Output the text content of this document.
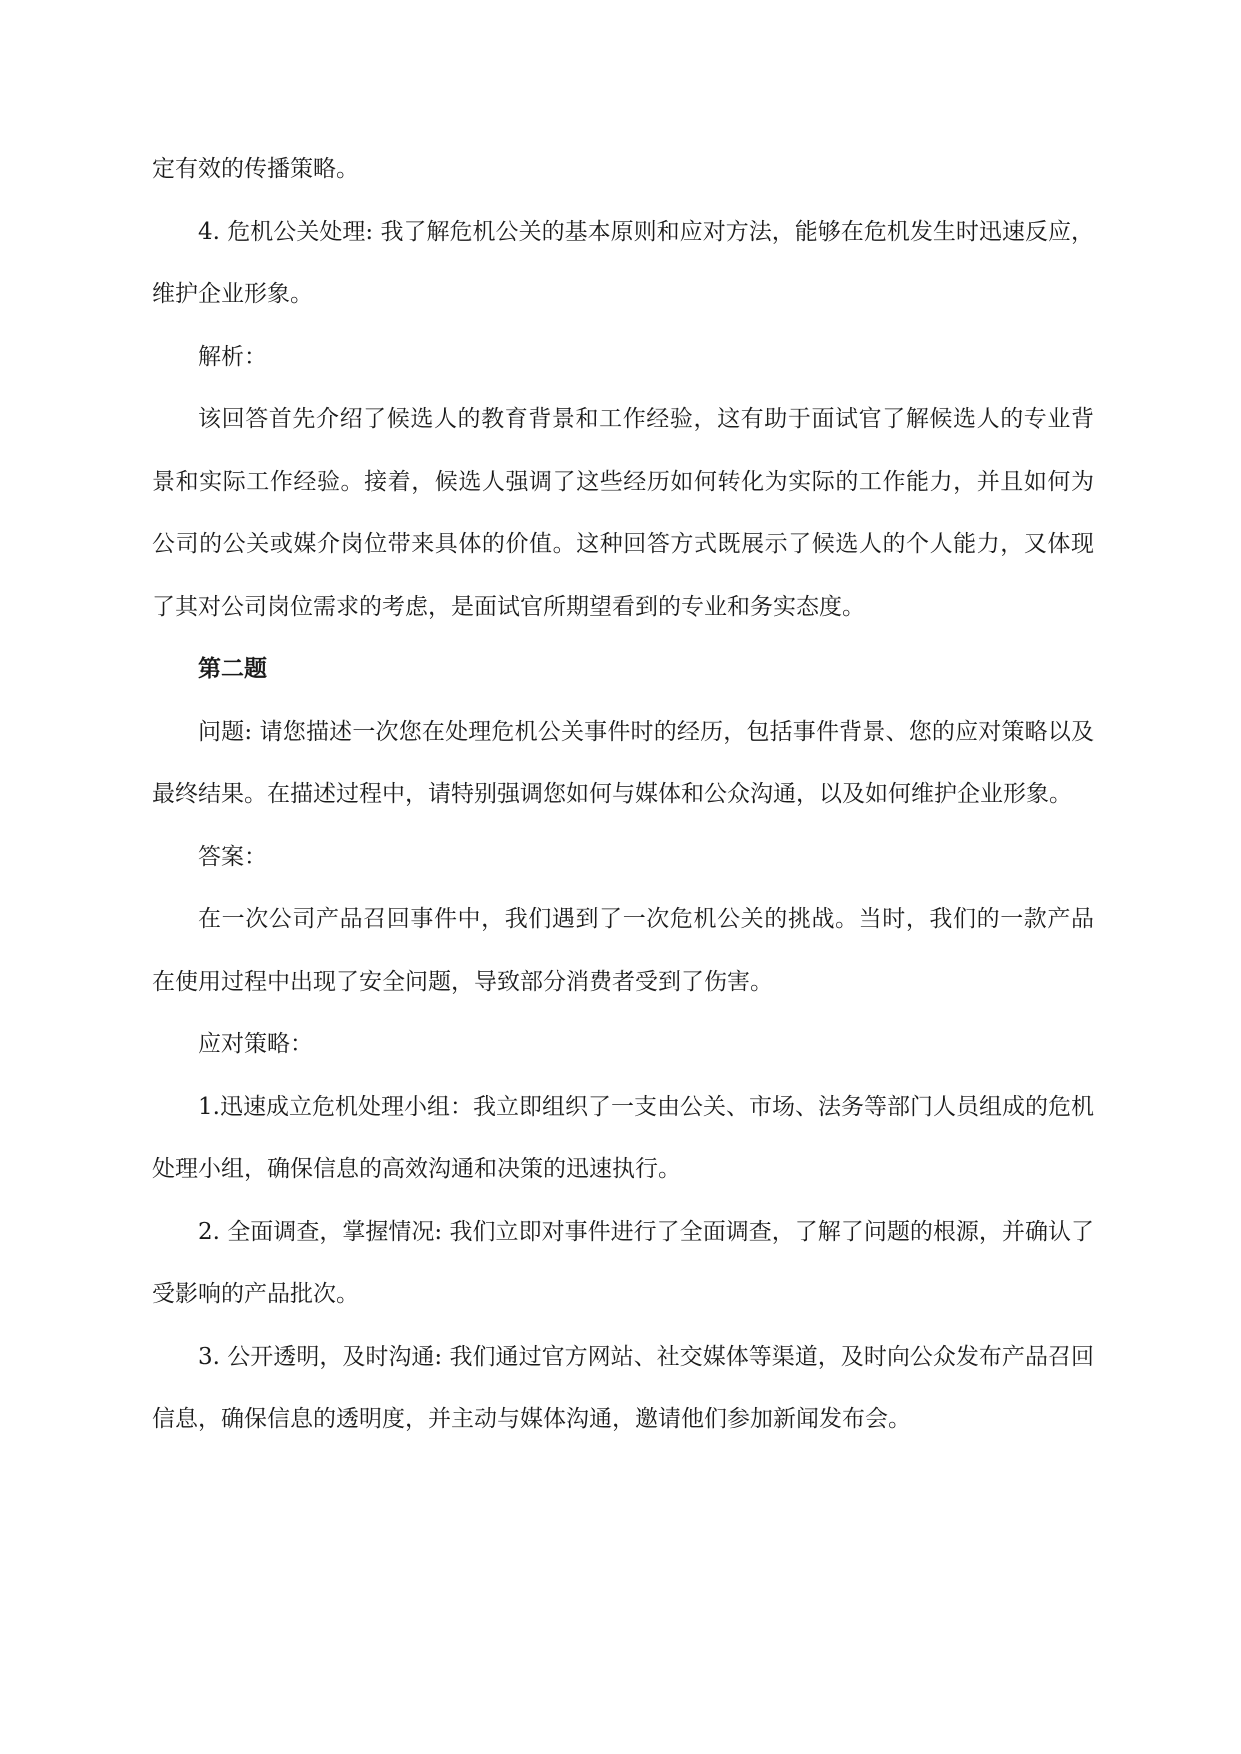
定有效的传播策略。

4. 危机公关处理: 我了解危机公关的基本原则和应对方法，能够在危机发生时迅速反应，维护企业形象。

解析：

该回答首先介绍了候选人的教育背景和工作经验，这有助于面试官了解候选人的专业背景和实际工作经验。接着，候选人强调了这些经历如何转化为实际的工作能力，并且如何为公司的公关或媒介岗位带来具体的价值。这种回答方式既展示了候选人的个人能力，又体现了其对公司岗位需求的考虑，是面试官所期望看到的专业和务实态度。

第二题

问题: 请您描述一次您在处理危机公关事件时的经历，包括事件背景、您的应对策略以及最终结果。在描述过程中，请特别强调您如何与媒体和公众沟通，以及如何维护企业形象。

答案：

在一次公司产品召回事件中，我们遇到了一次危机公关的挑战。当时，我们的一款产品在使用过程中出现了安全问题，导致部分消费者受到了伤害。

应对策略：

1.迅速成立危机处理小组：我立即组织了一支由公关、市场、法务等部门人员组成的危机处理小组，确保信息的高效沟通和决策的迅速执行。

2. 全面调查，掌握情况: 我们立即对事件进行了全面调查，了解了问题的根源，并确认了受影响的产品批次。

3. 公开透明，及时沟通: 我们通过官方网站、社交媒体等渠道，及时向公众发布产品召回信息，确保信息的透明度，并主动与媒体沟通，邀请他们参加新闻发布会。
